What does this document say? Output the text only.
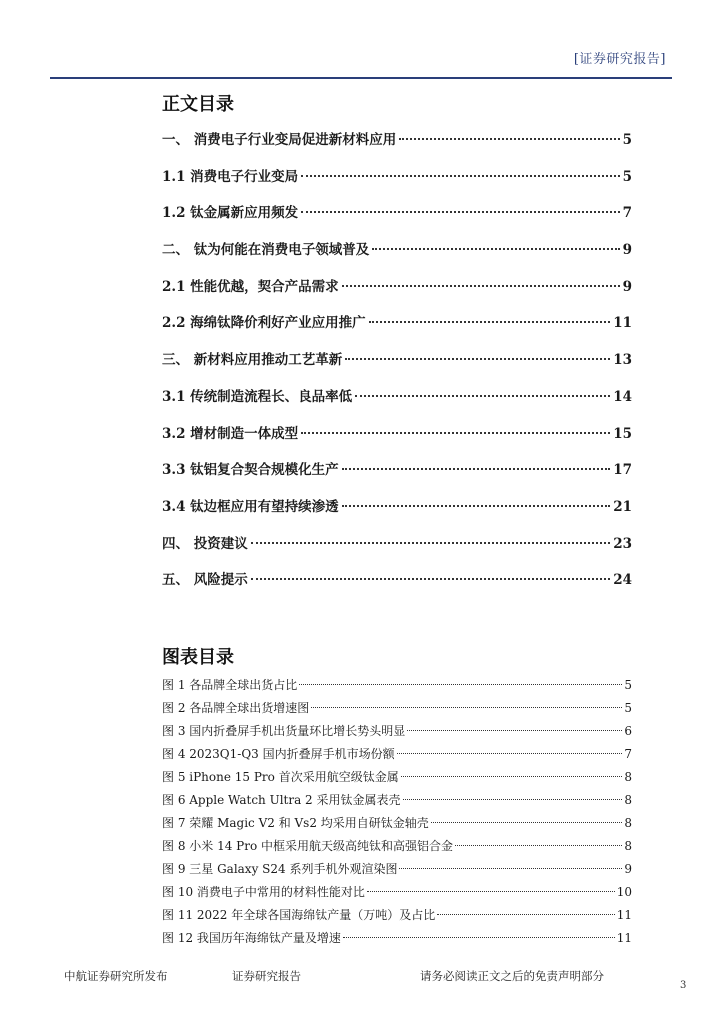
[证券研究报告]
正文目录
一、 消费电子行业变局促进新材料应用	5
1.1 消费电子行业变局	5
1.2 钛金属新应用频发	7
二、 钛为何能在消费电子领域普及	9
2.1 性能优越，契合产品需求	9
2.2 海绵钛降价利好产业应用推广	11
三、 新材料应用推动工艺革新	13
3.1 传统制造流程长、良品率低	14
3.2 增材制造一体成型	15
3.3 钛铝复合契合规模化生产	17
3.4 钛边框应用有望持续渗透	21
四、 投资建议	23
五、 风险提示	24
图表目录
图 1 各品牌全球出货占比	5
图 2 各品牌全球出货增速图	5
图 3 国内折叠屏手机出货量环比增长势头明显	6
图 4 2023Q1-Q3 国内折叠屏手机市场份额	7
图 5 iPhone 15 Pro 首次采用航空级钛金属	8
图 6 Apple Watch Ultra 2 采用钛金属表壳	8
图 7 荣耀 Magic V2 和 Vs2 均采用自研钛金轴壳	8
图 8 小米 14 Pro 中框采用航天级高纯钛和高强铝合金	8
图 9 三星 Galaxy S24 系列手机外观渲染图	9
图 10 消费电子中常用的材料性能对比	10
图 11 2022 年全球各国海绵钛产量（万吨）及占比	11
图 12 我国历年海绵钛产量及增速	11
中航证券研究所发布	证券研究报告	请务必阅读正文之后的免责声明部分
3
